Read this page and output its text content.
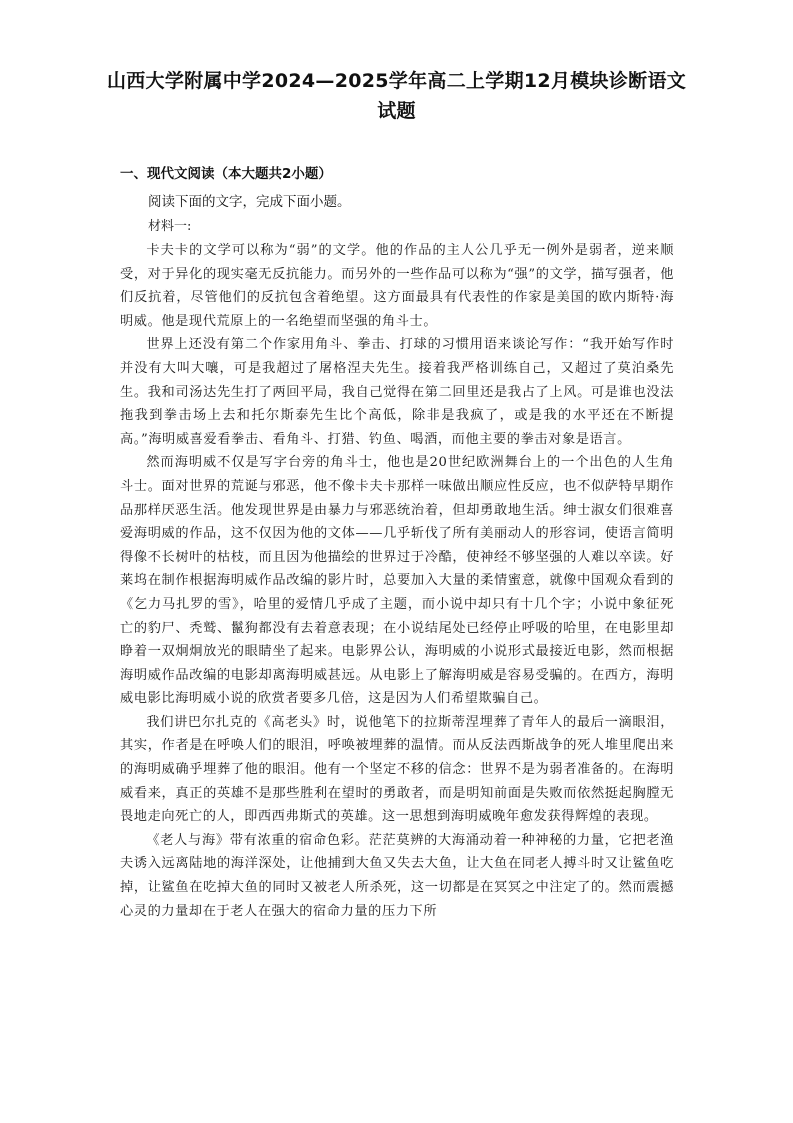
山西大学附属中学2024—2025学年高二上学期12月模块诊断语文试题
一、现代文阅读（本大题共2小题）
阅读下面的文字，完成下面小题。
材料一:

卡夫卡的文学可以称为“弱”的文学。他的作品的主人公几乎无一例外是弱者，逆来顺受，对于异化的现实毫无反抗能力。而另外的一些作品可以称为“强”的文学，描写强者，他们反抗着，尽管他们的反抗包含着绝望。这方面最具有代表性的作家是美国的欧内斯特·海明威。他是现代荒原上的一名绝望而坚强的角斗士。

世界上还没有第二个作家用角斗、拳击、打球的习惯用语来谈论写作：“我开始写作时并没有大叫大嚷，可是我超过了屠格涅夫先生。接着我严格训练自己，又超过了莫泊桑先生。我和司汤达先生打了两回平局，我自己觉得在第二回里还是我占了上风。可是谁也没法拖我到拳击场上去和托尔斯泰先生比个高低，除非是我疯了，或是我的水平还在不断提高。”海明威喜爱看拳击、看角斗、打猎、钓鱼、喝酒，而他主要的拳击对象是语言。

然而海明威不仅是写字台旁的角斗士，他也是20世纪欧洲舞台上的一个出色的人生角斗士。面对世界的荒诞与邪恶，他不像卡夫卡那样一味做出顺应性反应，也不似萨特早期作品那样厌恶生活。他发现世界是由暴力与邪恶统治着，但却勇敢地生活。绅士淑女们很难喜爱海明威的作品，这不仅因为他的文体——几乎斩伐了所有美丽动人的形容词，使语言简明得像不长树叶的枯枝，而且因为他描绘的世界过于冷酷，使神经不够坚强的人难以卒读。好莱坞在制作根据海明威作品改编的影片时，总要加入大量的柔情蜜意，就像中国观众看到的《乞力马扎罗的雪》，哈里的爱情几乎成了主题，而小说中却只有十几个字；小说中象征死亡的豹尸、秃鹫、鬣狗都没有去着意表现；在小说结尾处已经停止呼吸的哈里，在电影里却睁着一双炯炯放光的眼睛坐了起来。电影界公认，海明威的小说形式最接近电影，然而根据海明威作品改编的电影却离海明威甚远。从电影上了解海明威是容易受骗的。在西方，海明威电影比海明威小说的欣赏者要多几倍，这是因为人们希望欺骗自己。

我们讲巴尔扎克的《高老头》时，说他笔下的拉斯蒂涅埋葬了青年人的最后一滴眼泪，其实，作者是在呼唤人们的眼泪，呼唤被埋葬的温情。而从反法西斯战争的死人堆里爬出来的海明威确乎埋葬了他的眼泪。他有一个坚定不移的信念：世界不是为弱者准备的。在海明威看来，真正的英雄不是那些胜利在望时的勇敢者，而是明知前面是失败而依然挺起胸膛无畏地走向死亡的人，即西西弗斯式的英雄。这一思想到海明威晚年愈发获得辉煌的表现。

《老人与海》带有浓重的宿命色彩。茫茫莫辨的大海涌动着一种神秘的力量，它把老渔夫诱入远离陆地的海洋深处，让他捕到大鱼又失去大鱼，让大鱼在同老人搏斗时又让鲨鱼吃掉，让鲨鱼在吃掉大鱼的同时又被老人所杀死，这一切都是在冥冥之中注定了的。然而震撼心灵的力量却在于老人在强大的宿命力量的压力下所
